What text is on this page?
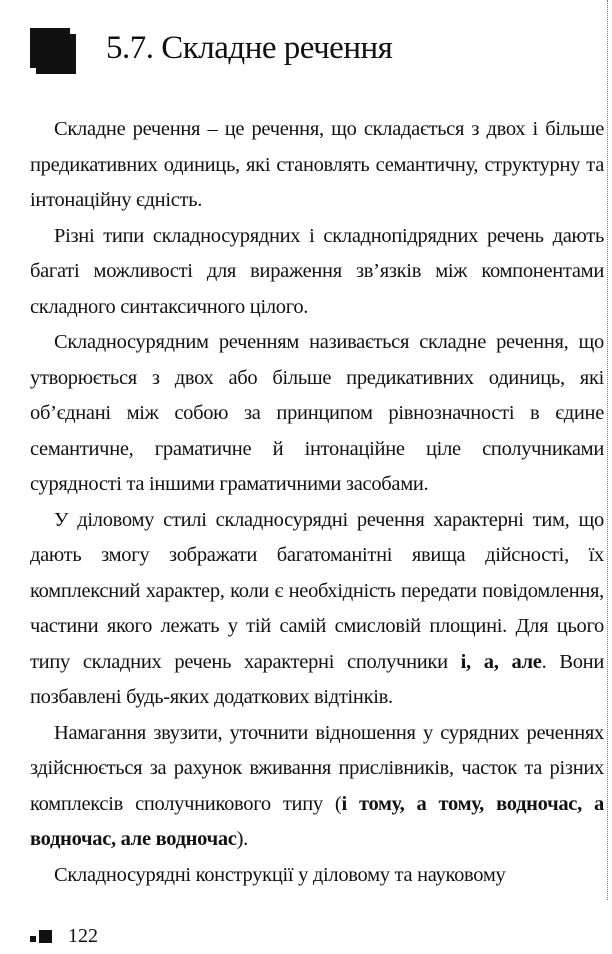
5.7. Складне речення

Складне речення – це речення, що складається з двох і більше предикативних одиниць, які становлять семантичну, структурну та інтонаційну єдність.

Різні типи складносурядних і складнопідрядних речень дають багаті можливості для вираження зв’язків між компонентами складного синтаксичного цілого.

Складносурядним реченням називається складне речення, що утворюється з двох або більше предикативних одиниць, які об’єднані між собою за принципом рівнозначності в єдине семантичне, граматичне й інтонаційне ціле сполучниками сурядності та іншими граматичними засобами.

У діловому стилі складносурядні речення характерні тим, що дають змогу зображати багатоманітні явища дійсності, їх комплексний характер, коли є необхідність передати повідомлення, частини якого лежать у тій самій смисловій площині. Для цього типу складних речень характерні сполучники і, а, але. Вони позбавлені будь-яких додаткових відтінків.

Намагання звузити, уточнити відношення у сурядних реченнях здійснюється за рахунок вживання прислівників, часток та різних комплексів сполучникового типу (і тому, а тому, водночас, а водночас, але водночас).

Складносурядні конструкції у діловому та науковому

122
